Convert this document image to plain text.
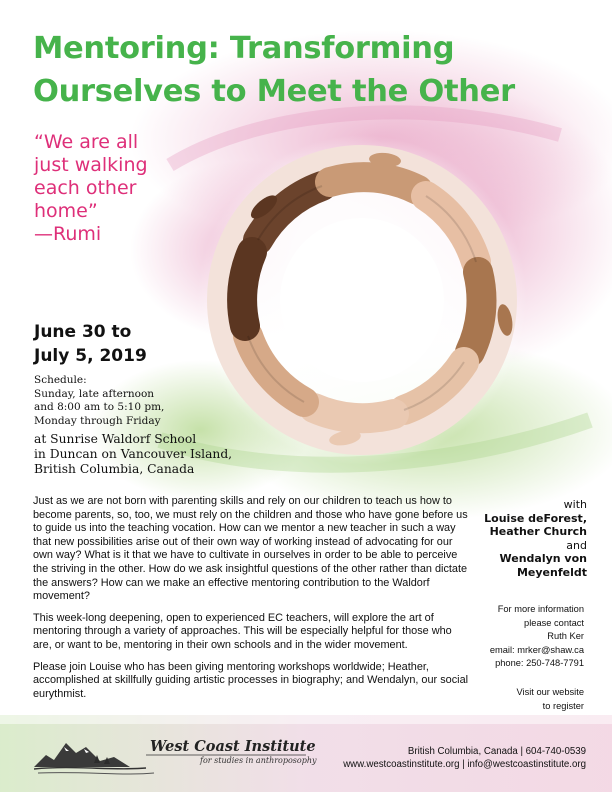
Mentoring: Transforming
Ourselves to Meet the Other
“We are all
just walking
each other
home”
—Rumi
June 30 to
July 5, 2019
Schedule:
Sunday, late afternoon
and 8:00 am to 5:10 pm,
Monday through Friday
at Sunrise Waldorf School
in Duncan on Vancouver Island,
British Columbia, Canada

Just as we are not born with parenting skills and rely on our children to teach us how to become parents, so, too, we must rely on the children and those who have gone before us to guide us into the teaching vocation. How can we mentor a new teacher in such a way that new possibilities arise out of their own way of working instead of advocating for our own way? What is it that we have to cultivate in ourselves in order to be able to perceive the striving in the other. How do we ask insightful questions of the other rather than dictate the answers? How can we make an effective mentoring contribution to the Waldorf movement?

This week-long deepening, open to experienced EC teachers, will explore the art of mentoring through a variety of approaches. This will be especially helpful for those who are, or want to be, mentoring in their own schools and in the wider movement.

Please join Louise who has been giving mentoring workshops worldwide; Heather, accomplished at skillfully guiding artistic processes in biography; and Wendalyn, our social eurythmist.

with
Louise deForest,
Heather Church
and
Wendalyn von
Meyenfeldt
For more information
please contact
Ruth Ker
email: mrker@shaw.ca
phone: 250-748-7791
Visit our website
to register
West Coast Institute
for studies in anthroposophy
British Columbia, Canada | 604-740-0539
www.westcoastinstitute.org | info@westcoastinstitute.org
